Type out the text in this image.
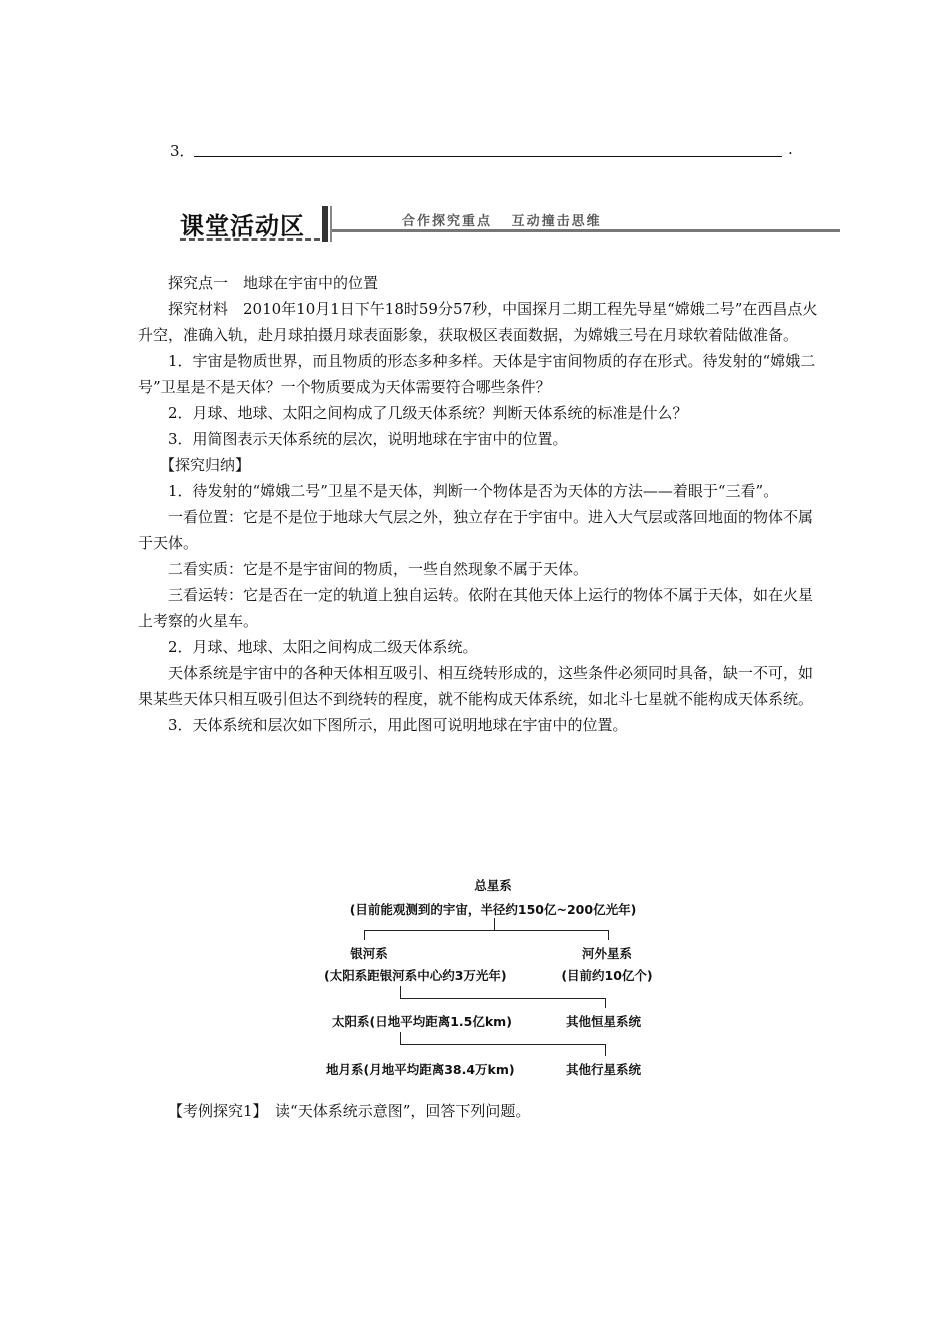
3．	.
课堂活动区	合作探究重点   互动撞击思维

探究点一　地球在宇宙中的位置

探究材料　2010年10月1日下午18时59分57秒，中国探月二期工程先导星“嫦娥二号”在西昌点火升空，准确入轨，赴月球拍摄月球表面影象，获取极区表面数据，为嫦娥三号在月球软着陆做准备。

1．宇宙是物质世界，而且物质的形态多种多样。天体是宇宙间物质的存在形式。待发射的“嫦娥二号”卫星是不是天体？一个物质要成为天体需要符合哪些条件？

2．月球、地球、太阳之间构成了几级天体系统？判断天体系统的标准是什么？

3．用简图表示天体系统的层次，说明地球在宇宙中的位置。

【探究归纳】

1．待发射的“嫦娥二号”卫星不是天体，判断一个物体是否为天体的方法——着眼于“三看”。

一看位置：它是不是位于地球大气层之外，独立存在于宇宙中。进入大气层或落回地面的物体不属于天体。

二看实质：它是不是宇宙间的物质，一些自然现象不属于天体。

三看运转：它是否在一定的轨道上独自运转。依附在其他天体上运行的物体不属于天体，如在火星上考察的火星车。

2．月球、地球、太阳之间构成二级天体系统。

天体系统是宇宙中的各种天体相互吸引、相互绕转形成的，这些条件必须同时具备，缺一不可，如果某些天体只相互吸引但达不到绕转的程度，就不能构成天体系统，如北斗七星就不能构成天体系统。

3．天体系统和层次如下图所示，用此图可说明地球在宇宙中的位置。

总星系
(目前能观测到的宇宙，半径约150亿~200亿光年)
银河系
(太阳系距银河系中心约3万光年)
河外星系
(目前约10亿个)
太阳系(日地平均距离1.5亿km)	其他恒星系统
地月系(月地平均距离38.4万km)	其他行星系统

【考例探究1】　读“天体系统示意图”，回答下列问题。
